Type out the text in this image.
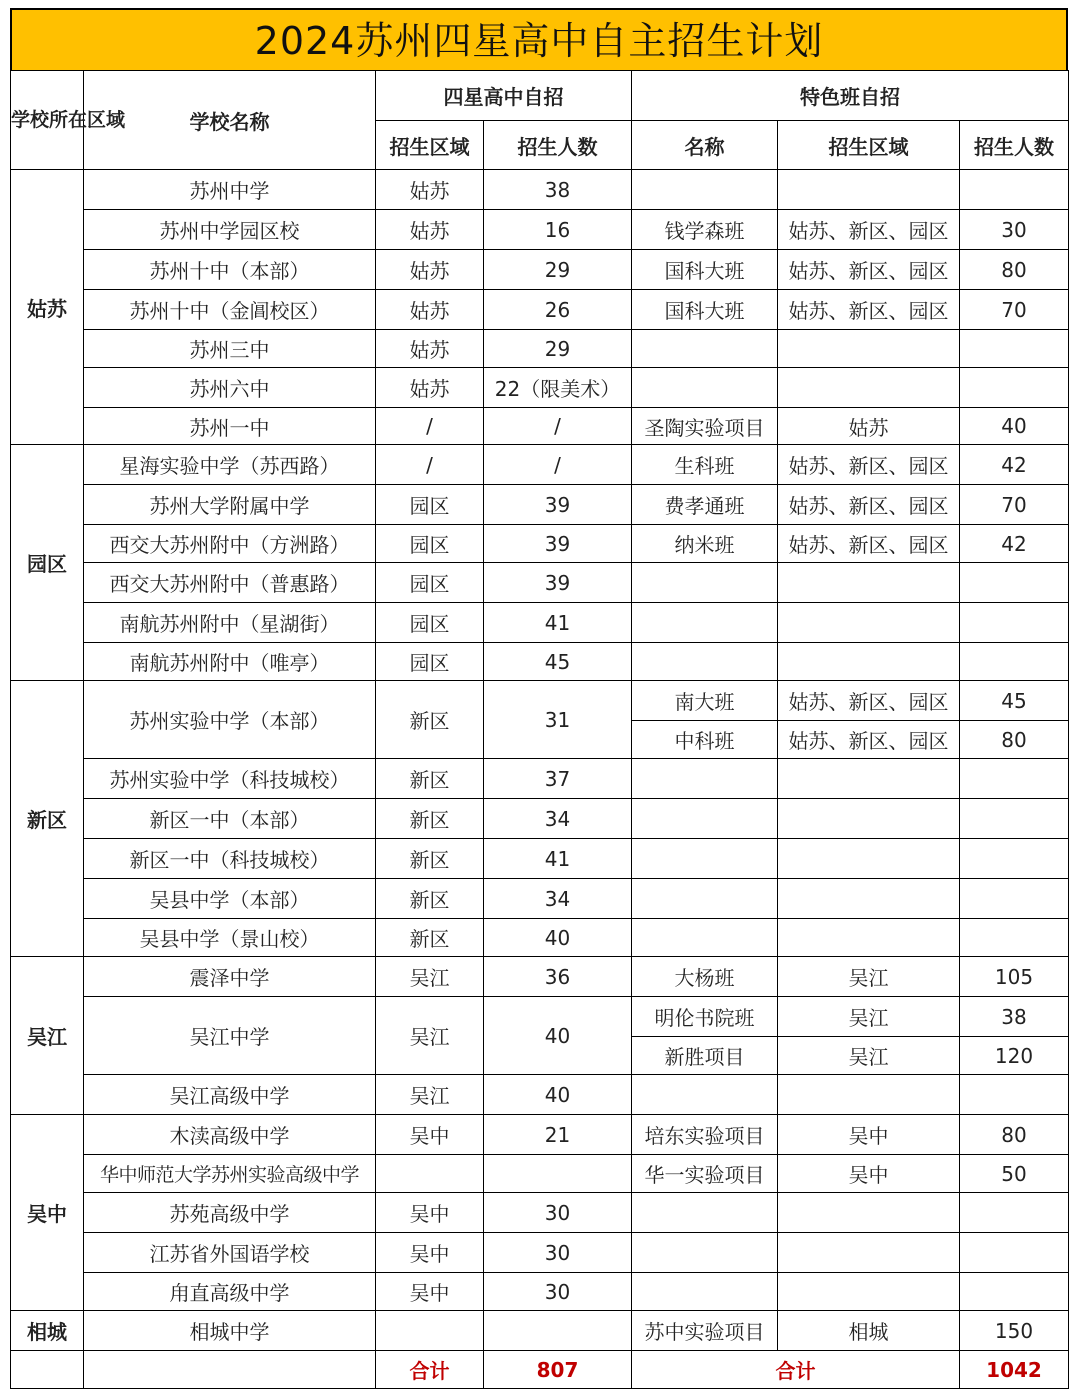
2024苏州四星高中自主招生计划
学校所在区域	学校名称	四星高中自招		特色班自招		
		招生区域	招生人数	名称	招生区域	招生人数
姑苏	苏州中学	姑苏	38			
	苏州中学园区校	姑苏	16	钱学森班	姑苏、新区、园区	30
	苏州十中（本部）	姑苏	29	国科大班	姑苏、新区、园区	80
	苏州十中（金阊校区）	姑苏	26	国科大班	姑苏、新区、园区	70
	苏州三中	姑苏	29			
	苏州六中	姑苏	22（限美术）			
	苏州一中	/	/	圣陶实验项目	姑苏	40
园区	星海实验中学（苏西路）	/	/	生科班	姑苏、新区、园区	42
	苏州大学附属中学	园区	39	费孝通班	姑苏、新区、园区	70
	西交大苏州附中（方洲路）	园区	39	纳米班	姑苏、新区、园区	42
	西交大苏州附中（普惠路）	园区	39			
	南航苏州附中（星湖街）	园区	41			
	南航苏州附中（唯亭）	园区	45			
新区	苏州实验中学（本部）	新区	31	南大班	姑苏、新区、园区	45
				中科班	姑苏、新区、园区	80
	苏州实验中学（科技城校）	新区	37			
	新区一中（本部）	新区	34			
	新区一中（科技城校）	新区	41			
	吴县中学（本部）	新区	34			
	吴县中学（景山校）	新区	40			
吴江	震泽中学	吴江	36	大杨班	吴江	105
	吴江中学	吴江	40	明伦书院班	吴江	38
				新胜项目	吴江	120
	吴江高级中学	吴江	40			
吴中	木渎高级中学	吴中	21	培东实验项目	吴中	80
	华中师范大学苏州实验高级中学			华一实验项目	吴中	50
	苏苑高级中学	吴中	30			
	江苏省外国语学校	吴中	30			
	甪直高级中学	吴中	30			
相城	相城中学			苏中实验项目	相城	150
		合计	807	合计		1042
